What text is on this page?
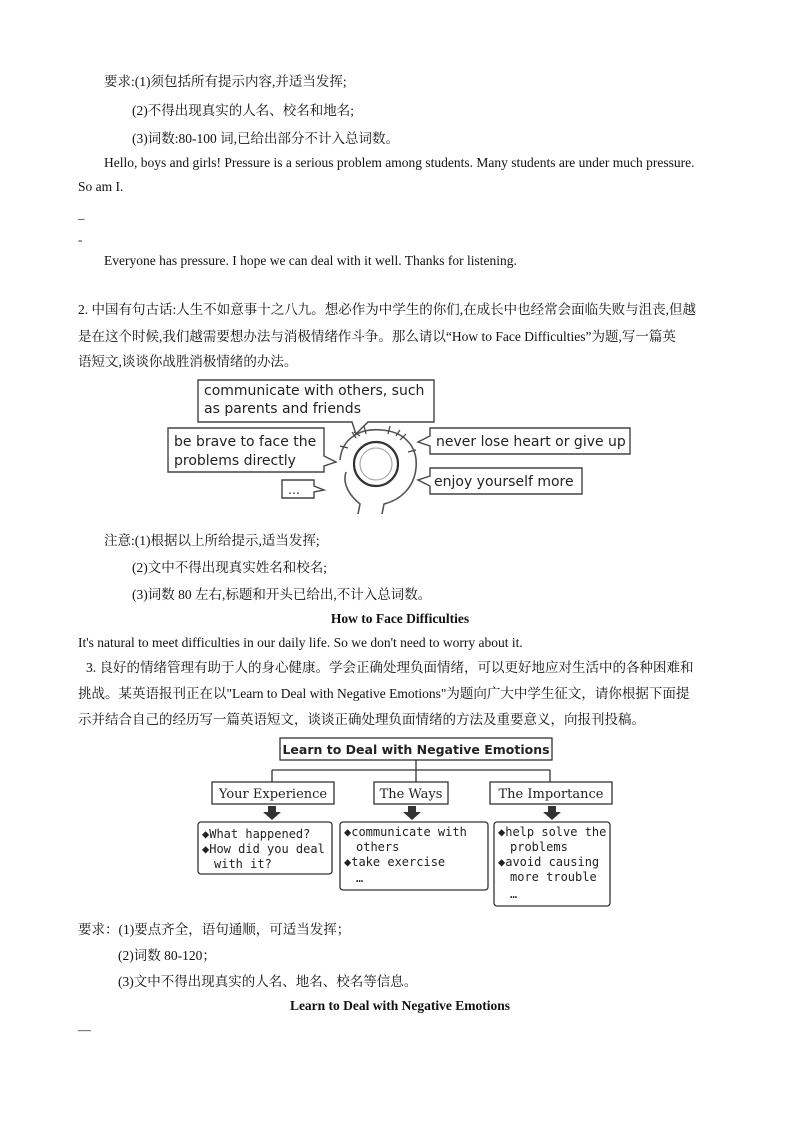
要求:(1)须包括所有提示内容,并适当发挥;
(2)不得出现真实的人名、校名和地名;
(3)词数:80-100 词,已给出部分不计入总词数。
Hello, boys and girls! Pressure is a serious problem among students. Many students are under much pressure.
So am I.
_
-
Everyone has pressure. I hope we can deal with it well. Thanks for listening.
2. 中国有句古话:人生不如意事十之八九。想必作为中学生的你们,在成长中也经常会面临失败与沮丧,但越
是在这个时候,我们越需要想办法与消极情绪作斗争。那么请以“How to Face Difficulties”为题,写一篇英
语短文,谈谈你战胜消极情绪的办法。
communicate with others, such
as parents and friends
be brave to face the
problems directly
never lose heart or give up
enjoy yourself more
...
注意:(1)根据以上所给提示,适当发挥;
(2)文中不得出现真实姓名和校名;
(3)词数 80 左右,标题和开头已给出,不计入总词数。
How to Face Difficulties
It's natural to meet difficulties in our daily life. So we don't need to worry about it.
3. 良好的情绪管理有助于人的身心健康。学会正确处理负面情绪，可以更好地应对生活中的各种困难和
挑战。某英语报刊正在以"Learn to Deal with Negative Emotions"为题向广大中学生征文，请你根据下面提
示并结合自己的经历写一篇英语短文，谈谈正确处理负面情绪的方法及重要意义，向报刊投稿。
Learn to Deal with Negative Emotions
Your Experience	The Ways	The Importance
◆What happened?
◆How did you deal
with it?
◆communicate with
others
◆take exercise
…
◆help solve the
problems
◆avoid causing
more trouble
…
要求：(1)要点齐全，语句通顺，可适当发挥；
(2)词数 80-120；
(3)文中不得出现真实的人名、地名、校名等信息。
Learn to Deal with Negative Emotions
—
